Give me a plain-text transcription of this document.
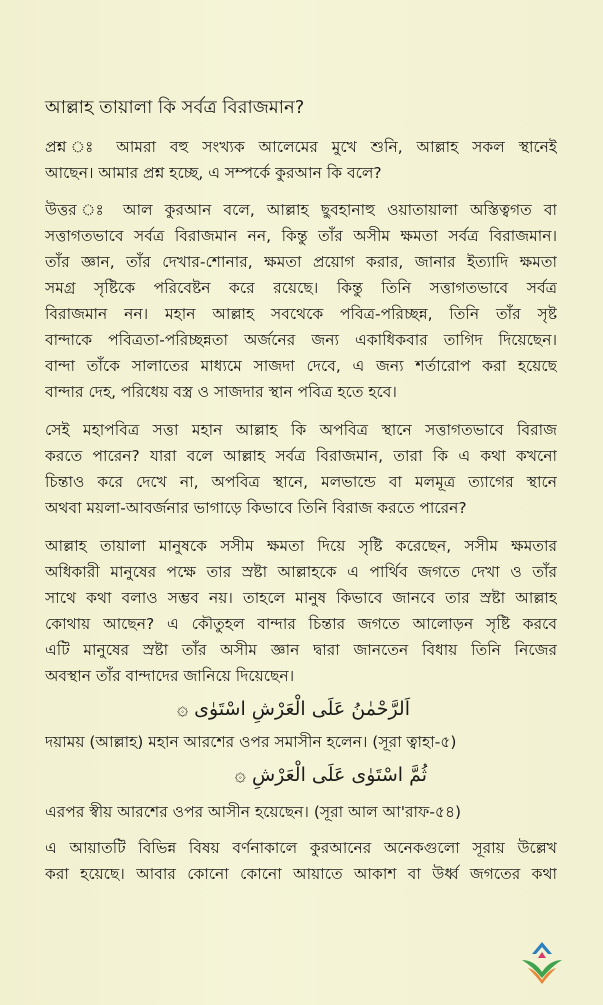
আল্লাহ তায়ালা কি সর্বত্র বিরাজমান?
প্রশ্ন ঃ আমরা বহু সংখ্যক আলেমের মুখে শুনি, আল্লাহ সকল স্থানেই
আছেন। আমার প্রশ্ন হচ্ছে, এ সম্পর্কে কুরআন কি বলে?
উত্তর ঃ আল কুরআন বলে, আল্লাহ ছুবহানাহু ওয়াতায়ালা অস্তিত্বগত বা
সত্তাগতভাবে সর্বত্র বিরাজমান নন, কিন্তু তাঁর অসীম ক্ষমতা সর্বত্র বিরাজমান।
তাঁর জ্ঞান, তাঁর দেখার-শোনার, ক্ষমতা প্রয়োগ করার, জানার ইত্যাদি ক্ষমতা
সমগ্র সৃষ্টিকে পরিবেষ্টন করে রয়েছে। কিন্তু তিনি সত্তাগতভাবে সর্বত্র
বিরাজমান নন। মহান আল্লাহ সবথেকে পবিত্র-পরিচ্ছন্ন, তিনি তাঁর সৃষ্ট
বান্দাকে পবিত্রতা-পরিচ্ছন্নতা অর্জনের জন্য একাধিকবার তাগিদ দিয়েছেন।
বান্দা তাঁকে সালাতের মাধ্যমে সাজদা দেবে, এ জন্য শর্তারোপ করা হয়েছে
বান্দার দেহ, পরিধেয় বস্ত্র ও সাজদার স্থান পবিত্র হতে হবে।
সেই মহাপবিত্র সত্তা মহান আল্লাহ কি অপবিত্র স্থানে সত্তাগতভাবে বিরাজ
করতে পারেন? যারা বলে আল্লাহ সর্বত্র বিরাজমান, তারা কি এ কথা কখনো
চিন্তাও করে দেখে না, অপবিত্র স্থানে, মলভান্ডে বা মলমূত্র ত্যাগের স্থানে
অথবা ময়লা-আবর্জনার ভাগাড়ে কিভাবে তিনি বিরাজ করতে পারেন?
আল্লাহ তায়ালা মানুষকে সসীম ক্ষমতা দিয়ে সৃষ্টি করেছেন, সসীম ক্ষমতার
অধিকারী মানুষের পক্ষে তার স্রষ্টা আল্লাহকে এ পার্থিব জগতে দেখা ও তাঁর
সাথে কথা বলাও সম্ভব নয়। তাহলে মানুষ কিভাবে জানবে তার স্রষ্টা আল্লাহ
কোথায় আছেন? এ কৌতুহল বান্দার চিন্তার জগতে আলোড়ন সৃষ্টি করবে
এটি মানুষের স্রষ্টা তাঁর অসীম জ্ঞান দ্বারা জানতেন বিধায় তিনি নিজের
অবস্থান তাঁর বান্দাদের জানিয়ে দিয়েছেন।
اَلرَّحْمٰنُ عَلَى الْعَرْشِ اسْتَوٰى ۞
দয়াময় (আল্লাহ) মহান আরশের ওপর সমাসীন হলেন। (সূরা ত্বাহা-৫)
ثُمَّ اسْتَوٰى عَلَى الْعَرْشِ ۞
এরপর স্বীয় আরশের ওপর আসীন হয়েছেন। (সূরা আল আ'রাফ-৫৪)
এ আয়াতটি বিভিন্ন বিষয় বর্ণনাকালে কুরআনের অনেকগুলো সূরায় উল্লেখ
করা হয়েছে। আবার কোনো কোনো আয়াতে আকাশ বা উর্ধ্ব জগতের কথা
